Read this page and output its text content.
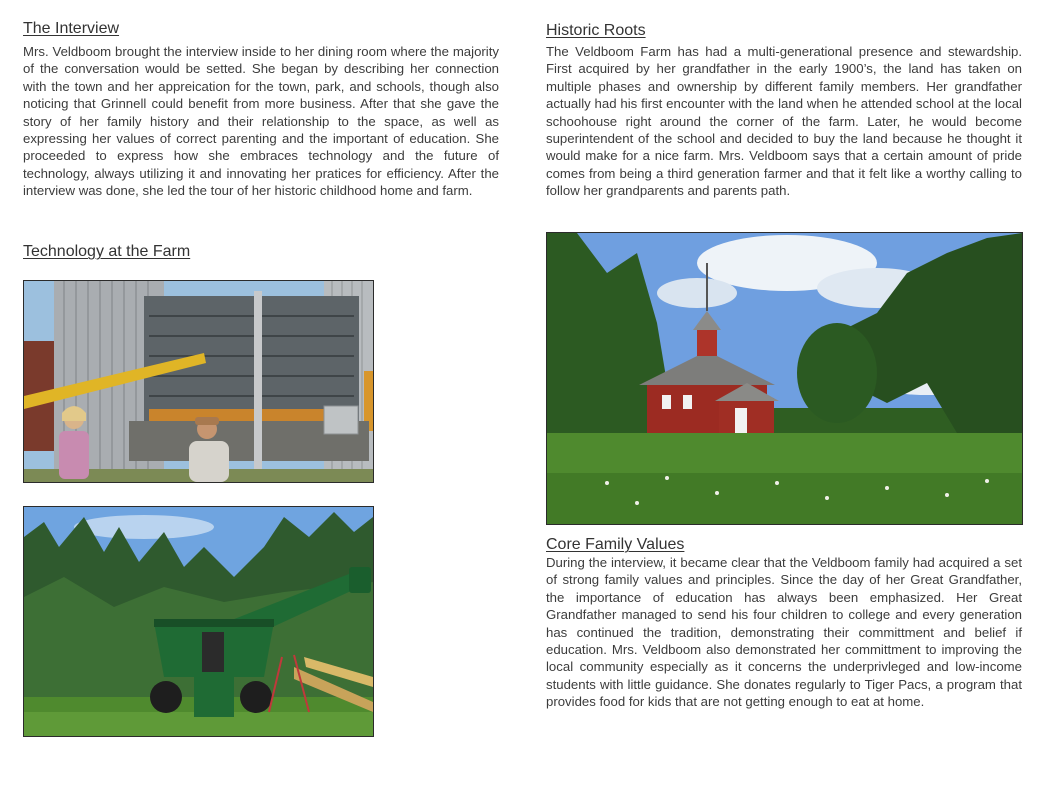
The Interview

Mrs. Veldboom brought the interview inside to her dining room where the majority of the conversation would be setted. She began by describing her connection with the town and her appreication for the town, park, and schools, though also noticing that Grinnell could benefit from more business. After that she gave the story of her family history and their relationship to the space, as well as expressing her values of correct parenting and the important of education. She proceeded to express how she embraces technology and the future of technology, always utilizing it and innovating her pratices for efficiency. After the interview was done, she led the tour of her historic childhood home and farm.

Technology at the Farm
Historic Roots

The Veldboom Farm has had a multi-generational presence and stewardship. First acquired by her grandfather in the early 1900’s, the land has taken on multiple phases and ownership by different family members. Her grandfather actually had his first encounter with the land when he attended school at the local schoohouse right around the corner of the farm. Later, he would become superintendent of the school and decided to buy the land because he thought it would make for a nice farm. Mrs. Veldboom says that a certain amount of pride comes from being a third generation farmer and that it felt like a worthy calling to follow her grandparents and parents path.

Core Family Values

During the interview, it became clear that the Veldboom family had acquired a set of strong family values and principles. Since the day of her Great Grandfather, the importance of education has always been emphasized. Her Great Grandfather managed to send his four children to college and every generation has continued the tradition, demonstrating their committment and belief if education. Mrs. Veldboom also demonstrated her committment to improving the local community especially as it concerns the underprivleged and low-income students with little guidance. She donates regularly to Tiger Pacs, a program that provides food for kids that are not getting enough to eat at home.
